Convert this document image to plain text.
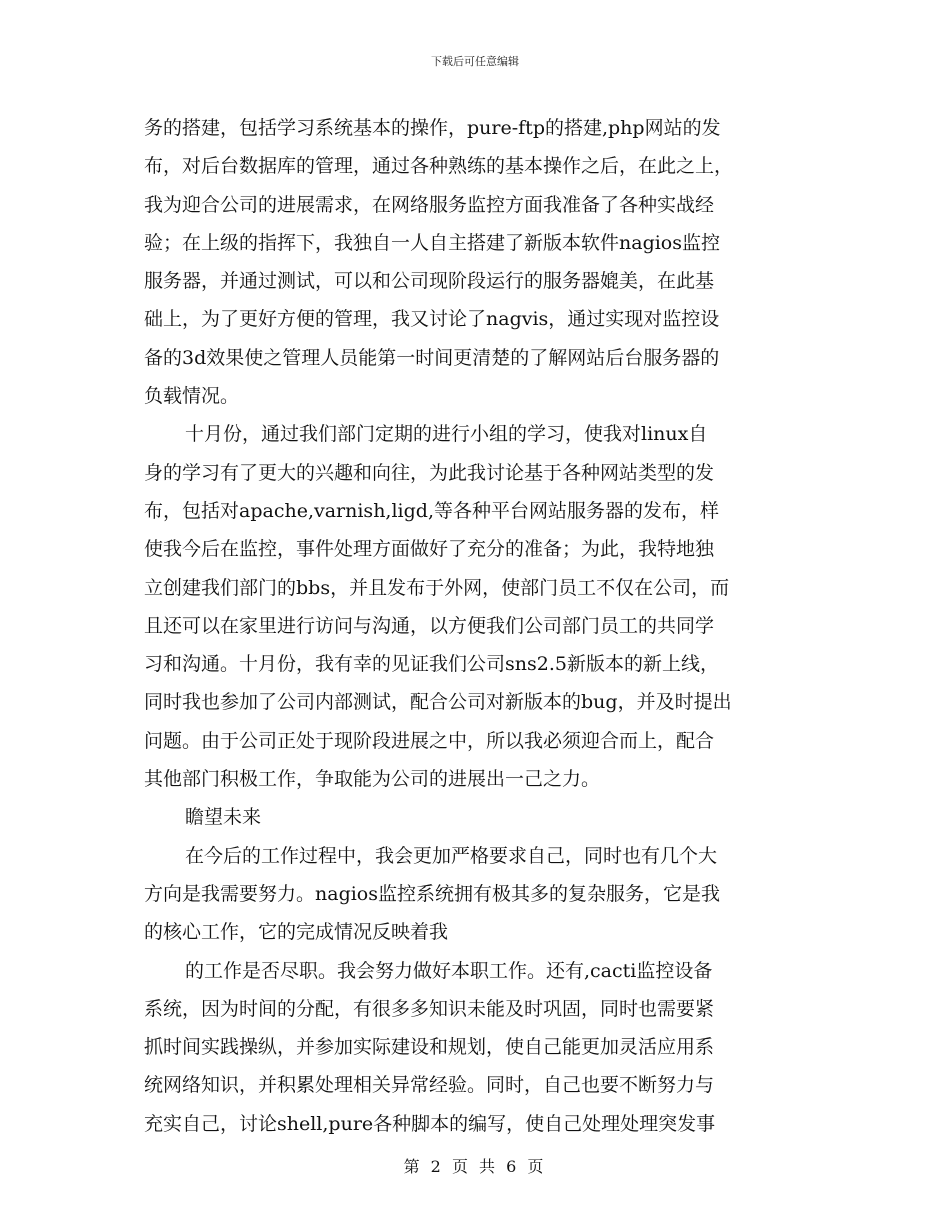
下载后可任意编辑
务的搭建，包括学习系统基本的操作，pure-ftp的搭建,php网站的发
布，对后台数据库的管理，通过各种熟练的基本操作之后，在此之上，
我为迎合公司的进展需求，在网络服务监控方面我准备了各种实战经
验；在上级的指挥下，我独自一人自主搭建了新版本软件nagios监控
服务器，并通过测试，可以和公司现阶段运行的服务器媲美，在此基
础上，为了更好方便的管理，我又讨论了nagvis，通过实现对监控设
备的3d效果使之管理人员能第一时间更清楚的了解网站后台服务器的
负载情况。
十月份，通过我们部门定期的进行小组的学习，使我对linux自
身的学习有了更大的兴趣和向往，为此我讨论基于各种网站类型的发
布，包括对apache,varnish,ligd,等各种平台网站服务器的发布，样
使我今后在监控，事件处理方面做好了充分的准备；为此，我特地独
立创建我们部门的bbs，并且发布于外网，使部门员工不仅在公司，而
且还可以在家里进行访问与沟通，以方便我们公司部门员工的共同学
习和沟通。十月份，我有幸的见证我们公司sns2.5新版本的新上线，
同时我也参加了公司内部测试，配合公司对新版本的bug，并及时提出
问题。由于公司正处于现阶段进展之中，所以我必须迎合而上，配合
其他部门积极工作，争取能为公司的进展出一己之力。
瞻望未来
在今后的工作过程中，我会更加严格要求自己，同时也有几个大
方向是我需要努力。nagios监控系统拥有极其多的复杂服务，它是我
的核心工作，它的完成情况反映着我
的工作是否尽职。我会努力做好本职工作。还有,cacti监控设备
系统，因为时间的分配，有很多多知识未能及时巩固，同时也需要紧
抓时间实践操纵，并参加实际建设和规划，使自己能更加灵活应用系
统网络知识，并积累处理相关异常经验。同时，自己也要不断努力与
充实自己，讨论shell,pure各种脚本的编写，使自己处理处理突发事
第 2 页 共 6 页
